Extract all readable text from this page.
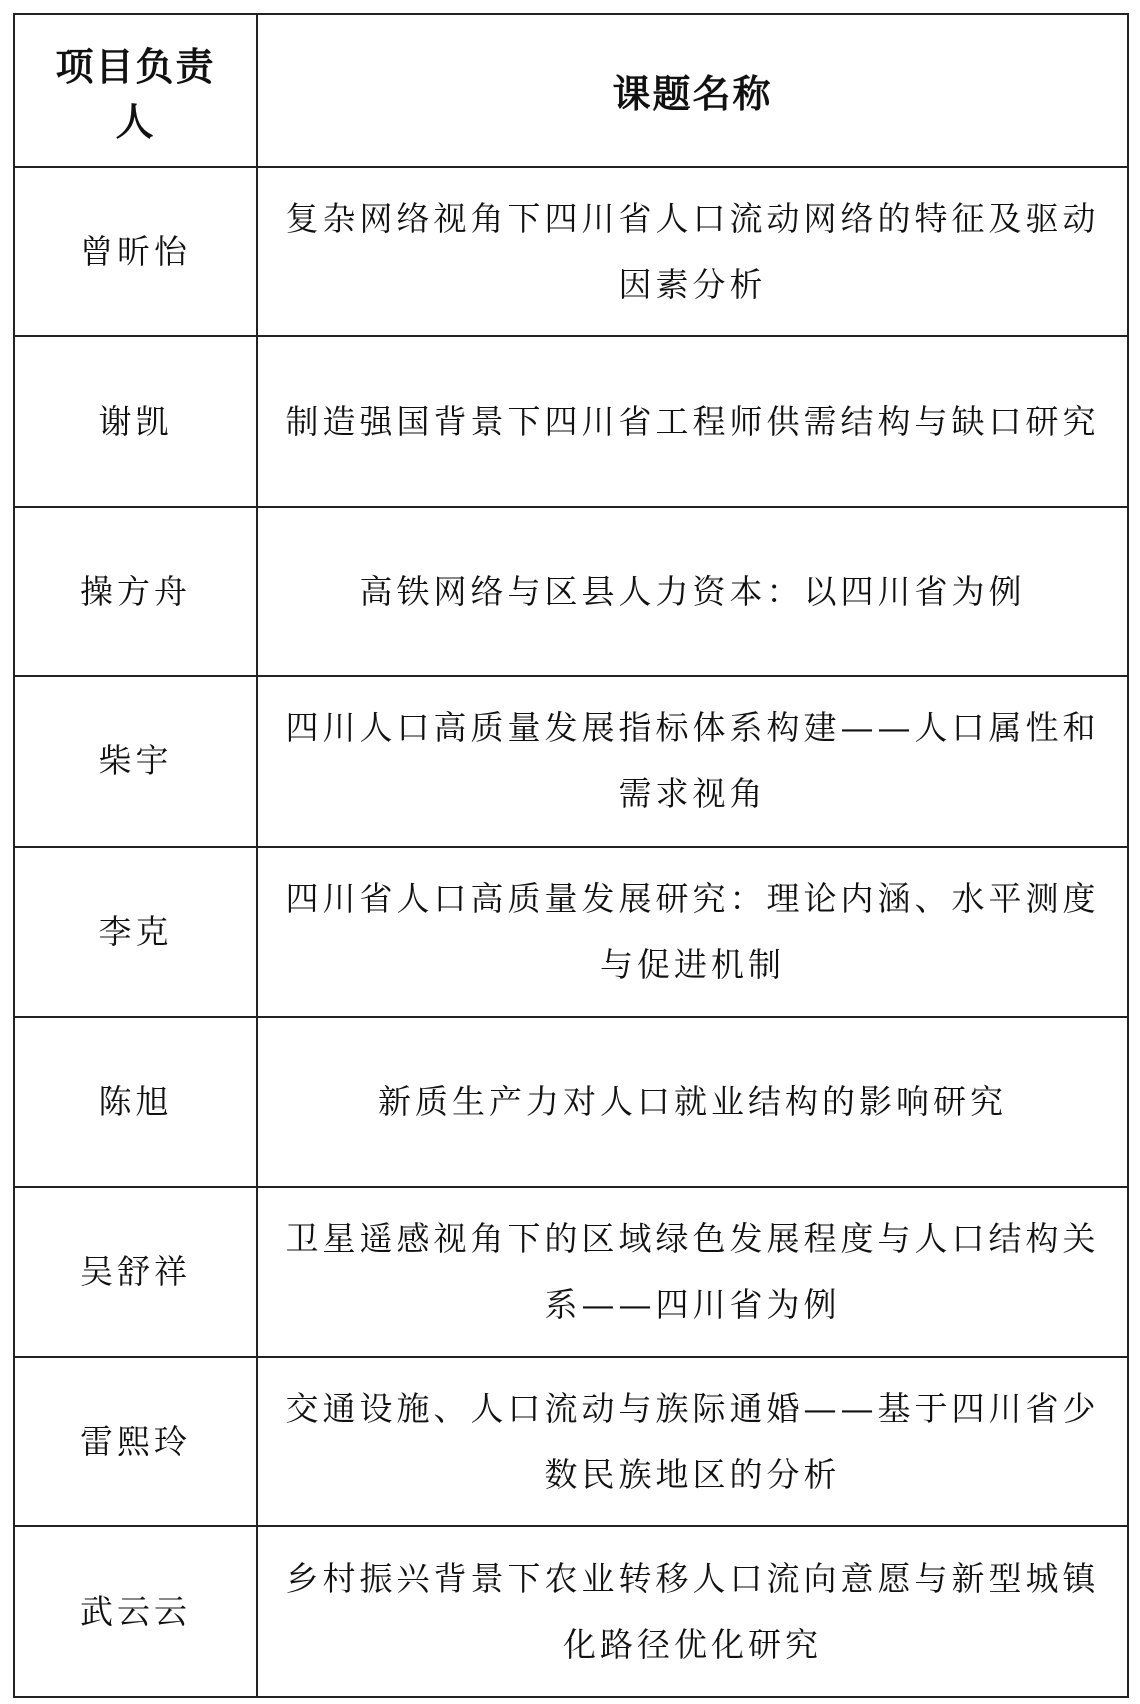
项目负责人	课题名称
曾昕怡	复杂网络视角下四川省人口流动网络的特征及驱动因素分析
谢凯	制造强国背景下四川省工程师供需结构与缺口研究
操方舟	高铁网络与区县人力资本：以四川省为例
柴宇	四川人口高质量发展指标体系构建——人口属性和需求视角
李克	四川省人口高质量发展研究：理论内涵、水平测度与促进机制
陈旭	新质生产力对人口就业结构的影响研究
吴舒祥	卫星遥感视角下的区域绿色发展程度与人口结构关系——四川省为例
雷熙玲	交通设施、人口流动与族际通婚——基于四川省少数民族地区的分析
武云云	乡村振兴背景下农业转移人口流向意愿与新型城镇化路径优化研究
